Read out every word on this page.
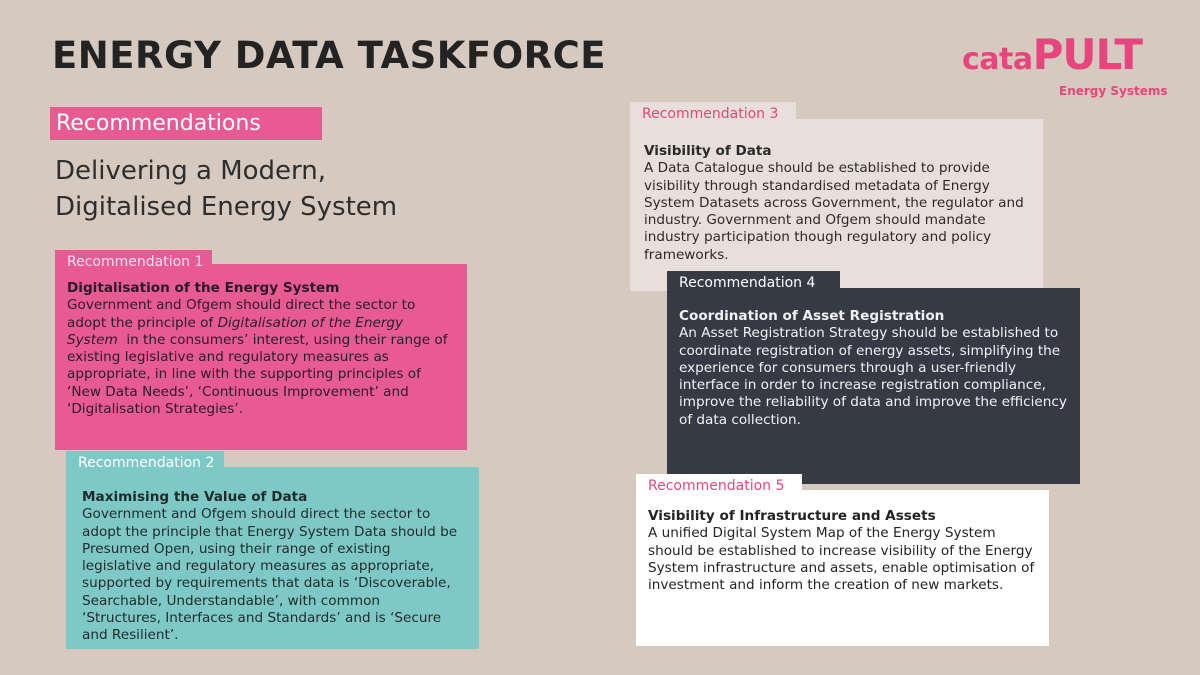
ENERGY DATA TASKFORCE	cataPULT
Energy Systems
Recommendations
Delivering a Modern,
Digitalised Energy System
Digitalisation of the Energy System

Government and Ofgem should direct the sector to adopt the principle of Digitalisation of the Energy System  in the consumers’ interest, using their range of existing legislative and regulatory measures as appropriate, in line with the supporting principles of ‘New Data Needs’, ‘Continuous Improvement’ and ‘Digitalisation Strategies’.

Recommendation 1
Visibility of Data

A Data Catalogue should be established to provide visibility through standardised metadata of Energy System Datasets across Government, the regulator and industry. Government and Ofgem should mandate industry participation though regulatory and policy frameworks.

Recommendation 3
Coordination of Asset Registration

An Asset Registration Strategy should be established to coordinate registration of energy assets, simplifying the experience for consumers through a user-friendly interface in order to increase registration compliance, improve the reliability of data and improve the efficiency of data collection.

Recommendation 4
Maximising the Value of Data

Government and Ofgem should direct the sector to adopt the principle that Energy System Data should be Presumed Open, using their range of existing legislative and regulatory measures as appropriate, supported by requirements that data is ‘Discoverable, Searchable, Understandable’, with common ‘Structures, Interfaces and Standards’ and is ‘Secure and Resilient’.

Recommendation 2
Visibility of Infrastructure and Assets

A unified Digital System Map of the Energy System should be established to increase visibility of the Energy System infrastructure and assets, enable optimisation of investment and inform the creation of new markets.

Recommendation 5
